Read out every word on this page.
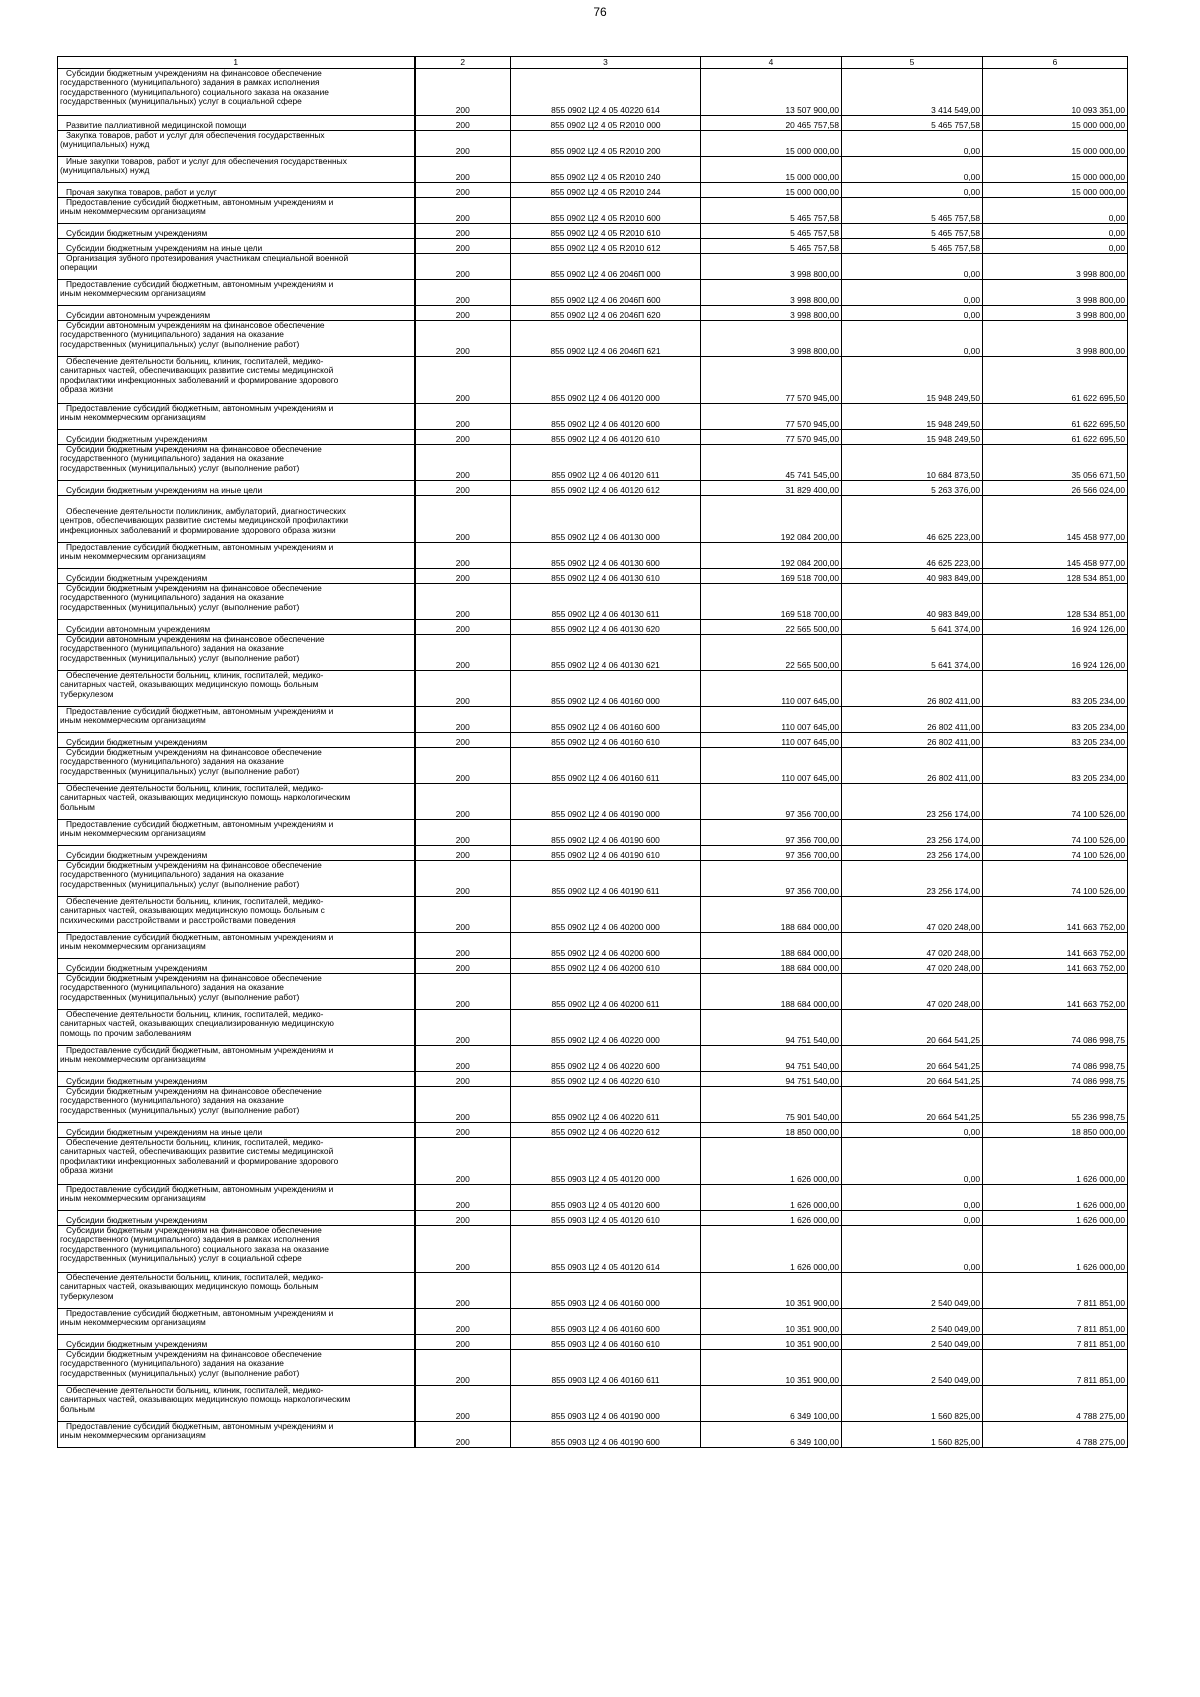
76
1	2	3	4	5	6

Субсидии бюджетным учреждениям на финансовое обеспечение
государственного (муниципального) задания в рамках исполнения
государственного (муниципального) социального заказа на оказание
государственных (муниципальных) услуг в социальной сфере	200	855 0902 Ц2 4 05 40220 614	13 507 900,00	3 414 549,00	10 093 351,00

Развитие паллиативной медицинской помощи	200	855 0902 Ц2 4 05 R2010 000	20 465 757,58	5 465 757,58	15 000 000,00

Закупка товаров, работ и услуг для обеспечения государственных
(муниципальных) нужд	200	855 0902 Ц2 4 05 R2010 200	15 000 000,00	0,00	15 000 000,00

Иные закупки товаров, работ и услуг для обеспечения государственных
(муниципальных) нужд	200	855 0902 Ц2 4 05 R2010 240	15 000 000,00	0,00	15 000 000,00

Прочая закупка товаров, работ и услуг	200	855 0902 Ц2 4 05 R2010 244	15 000 000,00	0,00	15 000 000,00

Предоставление субсидий бюджетным, автономным учреждениям и
иным некоммерческим организациям	200	855 0902 Ц2 4 05 R2010 600	5 465 757,58	5 465 757,58	0,00

Субсидии бюджетным учреждениям	200	855 0902 Ц2 4 05 R2010 610	5 465 757,58	5 465 757,58	0,00

Субсидии бюджетным учреждениям на иные цели	200	855 0902 Ц2 4 05 R2010 612	5 465 757,58	5 465 757,58	0,00

Организация зубного протезирования участникам специальной военной
операции	200	855 0902 Ц2 4 06 2046П 000	3 998 800,00	0,00	3 998 800,00

Предоставление субсидий бюджетным, автономным учреждениям и
иным некоммерческим организациям	200	855 0902 Ц2 4 06 2046П 600	3 998 800,00	0,00	3 998 800,00

Субсидии автономным учреждениям	200	855 0902 Ц2 4 06 2046П 620	3 998 800,00	0,00	3 998 800,00

Субсидии автономным учреждениям на финансовое обеспечение
государственного (муниципального) задания на оказание
государственных (муниципальных) услуг (выполнение работ)	200	855 0902 Ц2 4 06 2046П 621	3 998 800,00	0,00	3 998 800,00

Обеспечение деятельности больниц, клиник, госпиталей, медико-
санитарных частей, обеспечивающих развитие системы медицинской
профилактики инфекционных заболеваний и формирование здорового
образа жизни	200	855 0902 Ц2 4 06 40120 000	77 570 945,00	15 948 249,50	61 622 695,50

Предоставление субсидий бюджетным, автономным учреждениям и
иным некоммерческим организациям	200	855 0902 Ц2 4 06 40120 600	77 570 945,00	15 948 249,50	61 622 695,50

Субсидии бюджетным учреждениям	200	855 0902 Ц2 4 06 40120 610	77 570 945,00	15 948 249,50	61 622 695,50

Субсидии бюджетным учреждениям на финансовое обеспечение
государственного (муниципального) задания на оказание
государственных (муниципальных) услуг (выполнение работ)	200	855 0902 Ц2 4 06 40120 611	45 741 545,00	10 684 873,50	35 056 671,50

Субсидии бюджетным учреждениям на иные цели	200	855 0902 Ц2 4 06 40120 612	31 829 400,00	5 263 376,00	26 566 024,00

Обеспечение деятельности поликлиник, амбулаторий, диагностических
центров, обеспечивающих развитие системы медицинской профилактики
инфекционных заболеваний и формирование здорового образа жизни	200	855 0902 Ц2 4 06 40130 000	192 084 200,00	46 625 223,00	145 458 977,00

Предоставление субсидий бюджетным, автономным учреждениям и
иным некоммерческим организациям	200	855 0902 Ц2 4 06 40130 600	192 084 200,00	46 625 223,00	145 458 977,00

Субсидии бюджетным учреждениям	200	855 0902 Ц2 4 06 40130 610	169 518 700,00	40 983 849,00	128 534 851,00

Субсидии бюджетным учреждениям на финансовое обеспечение
государственного (муниципального) задания на оказание
государственных (муниципальных) услуг (выполнение работ)	200	855 0902 Ц2 4 06 40130 611	169 518 700,00	40 983 849,00	128 534 851,00

Субсидии автономным учреждениям	200	855 0902 Ц2 4 06 40130 620	22 565 500,00	5 641 374,00	16 924 126,00

Субсидии автономным учреждениям на финансовое обеспечение
государственного (муниципального) задания на оказание
государственных (муниципальных) услуг (выполнение работ)	200	855 0902 Ц2 4 06 40130 621	22 565 500,00	5 641 374,00	16 924 126,00

Обеспечение деятельности больниц, клиник, госпиталей, медико-
санитарных частей, оказывающих медицинскую помощь больным
туберкулезом	200	855 0902 Ц2 4 06 40160 000	110 007 645,00	26 802 411,00	83 205 234,00

Предоставление субсидий бюджетным, автономным учреждениям и
иным некоммерческим организациям	200	855 0902 Ц2 4 06 40160 600	110 007 645,00	26 802 411,00	83 205 234,00

Субсидии бюджетным учреждениям	200	855 0902 Ц2 4 06 40160 610	110 007 645,00	26 802 411,00	83 205 234,00

Субсидии бюджетным учреждениям на финансовое обеспечение
государственного (муниципального) задания на оказание
государственных (муниципальных) услуг (выполнение работ)	200	855 0902 Ц2 4 06 40160 611	110 007 645,00	26 802 411,00	83 205 234,00

Обеспечение деятельности больниц, клиник, госпиталей, медико-
санитарных частей, оказывающих медицинскую помощь наркологическим
больным	200	855 0902 Ц2 4 06 40190 000	97 356 700,00	23 256 174,00	74 100 526,00

Предоставление субсидий бюджетным, автономным учреждениям и
иным некоммерческим организациям	200	855 0902 Ц2 4 06 40190 600	97 356 700,00	23 256 174,00	74 100 526,00

Субсидии бюджетным учреждениям	200	855 0902 Ц2 4 06 40190 610	97 356 700,00	23 256 174,00	74 100 526,00

Субсидии бюджетным учреждениям на финансовое обеспечение
государственного (муниципального) задания на оказание
государственных (муниципальных) услуг (выполнение работ)	200	855 0902 Ц2 4 06 40190 611	97 356 700,00	23 256 174,00	74 100 526,00

Обеспечение деятельности больниц, клиник, госпиталей, медико-
санитарных частей, оказывающих медицинскую помощь больным с
психическими расстройствами и расстройствами поведения	200	855 0902 Ц2 4 06 40200 000	188 684 000,00	47 020 248,00	141 663 752,00

Предоставление субсидий бюджетным, автономным учреждениям и
иным некоммерческим организациям	200	855 0902 Ц2 4 06 40200 600	188 684 000,00	47 020 248,00	141 663 752,00

Субсидии бюджетным учреждениям	200	855 0902 Ц2 4 06 40200 610	188 684 000,00	47 020 248,00	141 663 752,00

Субсидии бюджетным учреждениям на финансовое обеспечение
государственного (муниципального) задания на оказание
государственных (муниципальных) услуг (выполнение работ)	200	855 0902 Ц2 4 06 40200 611	188 684 000,00	47 020 248,00	141 663 752,00

Обеспечение деятельности больниц, клиник, госпиталей, медико-
санитарных частей, оказывающих специализированную медицинскую
помощь по прочим заболеваниям	200	855 0902 Ц2 4 06 40220 000	94 751 540,00	20 664 541,25	74 086 998,75

Предоставление субсидий бюджетным, автономным учреждениям и
иным некоммерческим организациям	200	855 0902 Ц2 4 06 40220 600	94 751 540,00	20 664 541,25	74 086 998,75

Субсидии бюджетным учреждениям	200	855 0902 Ц2 4 06 40220 610	94 751 540,00	20 664 541,25	74 086 998,75

Субсидии бюджетным учреждениям на финансовое обеспечение
государственного (муниципального) задания на оказание
государственных (муниципальных) услуг (выполнение работ)	200	855 0902 Ц2 4 06 40220 611	75 901 540,00	20 664 541,25	55 236 998,75

Субсидии бюджетным учреждениям на иные цели	200	855 0902 Ц2 4 06 40220 612	18 850 000,00	0,00	18 850 000,00

Обеспечение деятельности больниц, клиник, госпиталей, медико-
санитарных частей, обеспечивающих развитие системы медицинской
профилактики инфекционных заболеваний и формирование здорового
образа жизни	200	855 0903 Ц2 4 05 40120 000	1 626 000,00	0,00	1 626 000,00

Предоставление субсидий бюджетным, автономным учреждениям и
иным некоммерческим организациям	200	855 0903 Ц2 4 05 40120 600	1 626 000,00	0,00	1 626 000,00

Субсидии бюджетным учреждениям	200	855 0903 Ц2 4 05 40120 610	1 626 000,00	0,00	1 626 000,00

Субсидии бюджетным учреждениям на финансовое обеспечение
государственного (муниципального) задания в рамках исполнения
государственного (муниципального) социального заказа на оказание
государственных (муниципальных) услуг в социальной сфере	200	855 0903 Ц2 4 05 40120 614	1 626 000,00	0,00	1 626 000,00

Обеспечение деятельности больниц, клиник, госпиталей, медико-
санитарных частей, оказывающих медицинскую помощь больным
туберкулезом	200	855 0903 Ц2 4 06 40160 000	10 351 900,00	2 540 049,00	7 811 851,00

Предоставление субсидий бюджетным, автономным учреждениям и
иным некоммерческим организациям	200	855 0903 Ц2 4 06 40160 600	10 351 900,00	2 540 049,00	7 811 851,00

Субсидии бюджетным учреждениям	200	855 0903 Ц2 4 06 40160 610	10 351 900,00	2 540 049,00	7 811 851,00

Субсидии бюджетным учреждениям на финансовое обеспечение
государственного (муниципального) задания на оказание
государственных (муниципальных) услуг (выполнение работ)	200	855 0903 Ц2 4 06 40160 611	10 351 900,00	2 540 049,00	7 811 851,00

Обеспечение деятельности больниц, клиник, госпиталей, медико-
санитарных частей, оказывающих медицинскую помощь наркологическим
больным	200	855 0903 Ц2 4 06 40190 000	6 349 100,00	1 560 825,00	4 788 275,00

Предоставление субсидий бюджетным, автономным учреждениям и
иным некоммерческим организациям	200	855 0903 Ц2 4 06 40190 600	6 349 100,00	1 560 825,00	4 788 275,00
